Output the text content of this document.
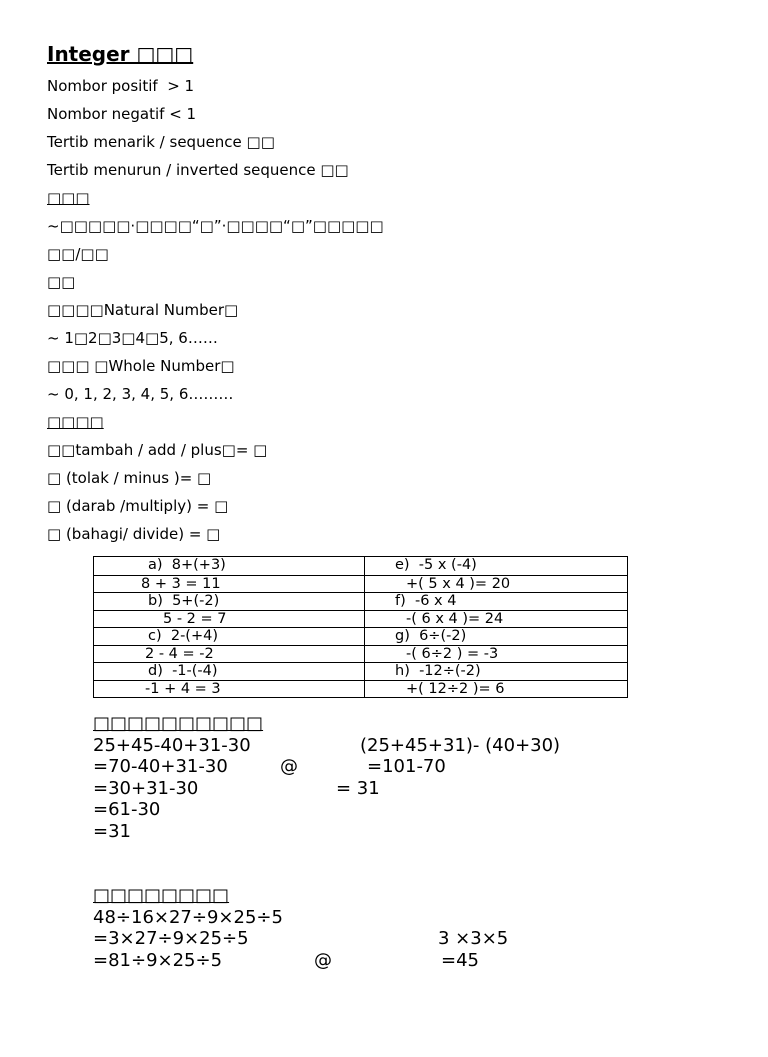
Integer □□□
Nombor positif  > 1
Nombor negatif < 1
Tertib menarik / sequence □□
Tertib menurun / inverted sequence □□
□□□
~□□□□□·□□□□“□”·□□□□“□”□□□□□
□□/□□
□□
□□□□Natural Number□
~ 1□2□3□4□5, 6……
□□□ □Whole Number□
~ 0, 1, 2, 3, 4, 5, 6………
□□□□
□□tambah / add / plus□= □
□ (tolak / minus )= □
□ (darab /multiply) = □
□ (bahagi/ divide) = □
a)  8+(+3)	e)  -5 x (-4)
8 + 3 = 11	+( 5 x 4 )= 20
b)  5+(-2)	f)  -6 x 4
5 - 2 = 7	-( 6 x 4 )= 24
c)  2-(+4)	g)  6÷(-2)
2 - 4 = -2	-( 6÷2 ) = -3
d)  -1-(-4)	h)  -12÷(-2)
-1 + 4 = 3	+( 12÷2 )= 6

□□□□□□□□□□

25+45-40+31-30

	(25+45+31)- (40+30)

=70-40+31-30

	@

	=101-70

=30+31-30

	= 31

=61-30

=31

□□□□□□□□

48÷16×27÷9×25÷5

=3×27÷9×25÷5

	3 ×3×5

=81÷9×25÷5

	@

	=45
